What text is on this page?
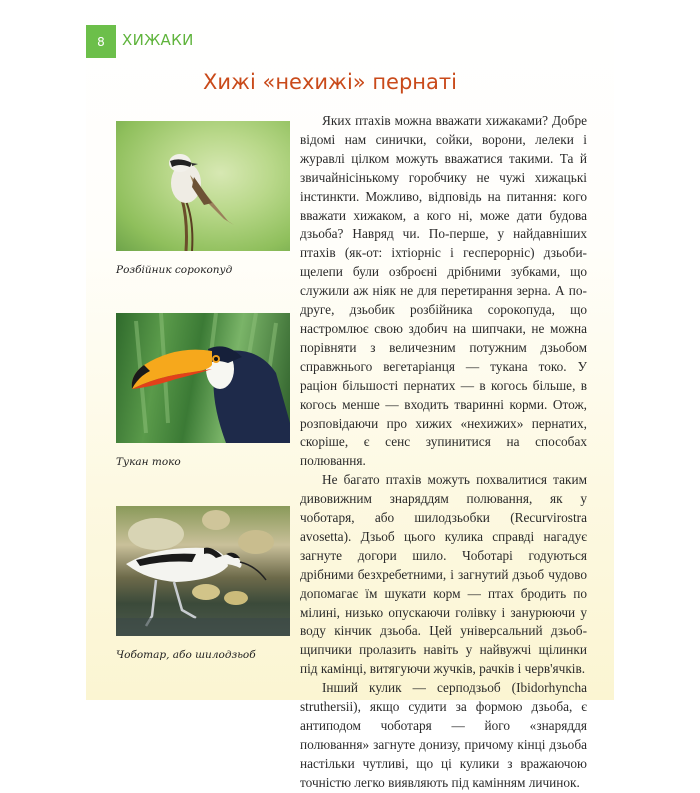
8 ХИЖАКИ
Хижі «нехижі» пернаті
Розбійник сорокопуд
Тукан токо
Чоботар, або шилодзьоб

Яких птахів можна вважати хижаками? Добре відомі нам синички, сойки, ворони, лелеки і журавлі цілком можуть вважатися такими. Та й звичайнісінькому горобчику не чужі хижацькі інстинкти. Можливо, відповідь на питання: кого вважати хижаком, а кого ні, може дати будова дзьоба? Навряд чи. По-перше, у найдавніших птахів (як-от: іхтіорніс і гесперорніс) дзьоби-щелепи були озброєні дрібними зубками, що служили аж ніяк не для перетирання зерна. А по-друге, дзьобик розбійника сорокопуда, що настромлює свою здобич на шипчаки, не можна порівняти з величезним потужним дзьобом справжнього вегетаріанця — тукана токо. У раціон більшості пернатих — в когось більше, в когось менше — входить тваринні корми. Отож, розповідаючи про хижих «нехижих» пернатих, скоріше, є сенс зупинитися на способах полювання.

Не багато птахів можуть похвалитися таким дивовижним знаряддям полювання, як у чоботаря, або шилодзьобки (Recurvirostra avosetta). Дзьоб цього кулика справді нагадує загнуте догори шило. Чоботарі годуються дрібними безхребетними, і загнутий дзьоб чудово допомагає їм шукати корм — птах бродить по мілині, низько опускаючи голівку і занурюючи у воду кінчик дзьоба. Цей універсальний дзьоб-щипчики пролазить навіть у найвужчі щілинки під камінці, витягуючи жучків, рачків і черв'ячків.

Інший кулик — серподзьоб (Ibidorhyncha struthersii), якщо судити за формою дзьоба, є антиподом чоботаря — його «знаряддя полювання» загнуте донизу, причому кінці дзьоба настільки чутливі, що ці кулики з вражаючою точністю легко виявляють під камінням личинок.
